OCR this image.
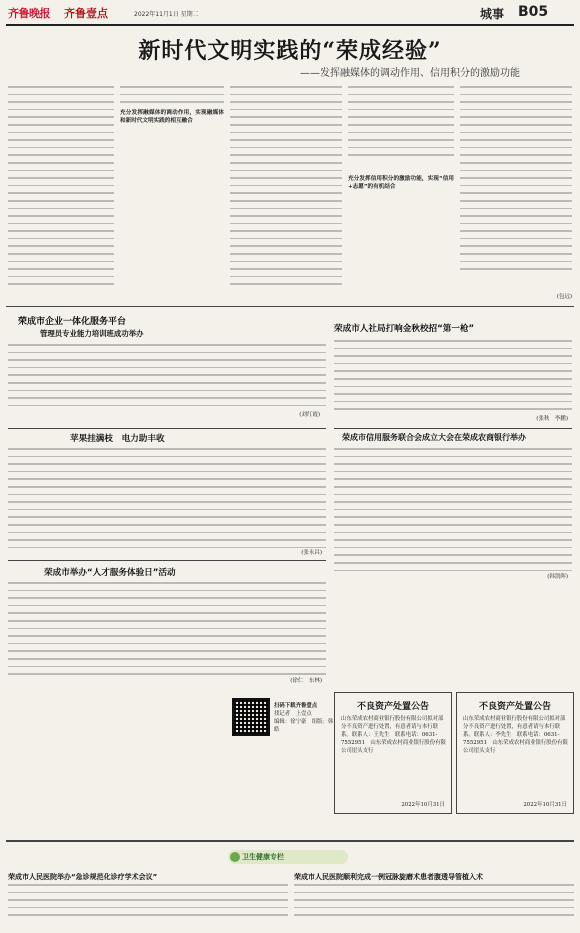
齐鲁晚报 齐鲁壹点	2022年11月1日 星期二	城事 B05
新时代文明实践的“荣成经验”
——发挥融媒体的调动作用、信用积分的激励功能
充分发挥融媒体的调动作用，实现融媒体和新时代文明实践的相互融合
充分发挥信用积分的激励功能，实现“信用+志愿”的有机结合
(包远)
荣成市企业一体化服务平台
管理员专业能力培训班成功举办
(刘红霞)
荣成市人社局打响金秋校招“第一枪”
(张秋　李鹏)
苹果挂满枝　电力助丰收
(张永昌)
荣成市信用服务联合会成立大会在荣成农商银行举办
(韩凯晖)
荣成市举办“人才服务体验日”活动
(徐仁　东林)
扫码下载齐鲁壹点
找记者　上壹点
编辑：徐宁豪　组版：韩皓
不良资产处置公告
山东荣成农村商业银行股份有限公司拟对部分不良资产进行处置，有意者请与本行联系。联系人：王先生　联系电话：0631-7552951　山东荣成农村商业银行股份有限公司崖头支行
2022年10月31日
不良资产处置公告
山东荣成农村商业银行股份有限公司拟对部分不良资产进行处置，有意者请与本行联系。联系人：李先生　联系电话：0631-7552951　山东荣成农村商业银行股份有限公司崖头支行
2022年10月31日
卫生健康专栏
荣成市人民医院举办“急诊规范化诊疗学术会议”	荣成市人民医院顺利完成一例冠脉旋磨术患者腹透导管植入术
